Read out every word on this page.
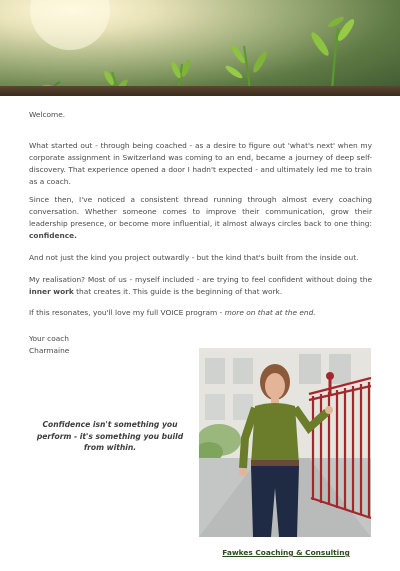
Welcome.

What started out - through being coached - as a desire to figure out 'what's next' when my corporate assignment in Switzerland was coming to an end, became a journey of deep self-discovery. That experience opened a door I hadn't expected - and ultimately led me to train as a coach.

Since then, I've noticed a consistent thread running through almost every coaching conversation. Whether someone comes to improve their communication, grow their leadership presence, or become more influential, it almost always circles back to one thing: confidence.

And not just the kind you project outwardly - but the kind that's built from the inside out.

My realisation? Most of us - myself included - are trying to feel confident without doing the inner work that creates it. This guide is the beginning of that work.

If this resonates, you'll love my full VOICE program - more on that at the end.

Your coach
Charmaine
Confidence isn't something you perform - it's something you build from within.
Fawkes Coaching & Consulting
